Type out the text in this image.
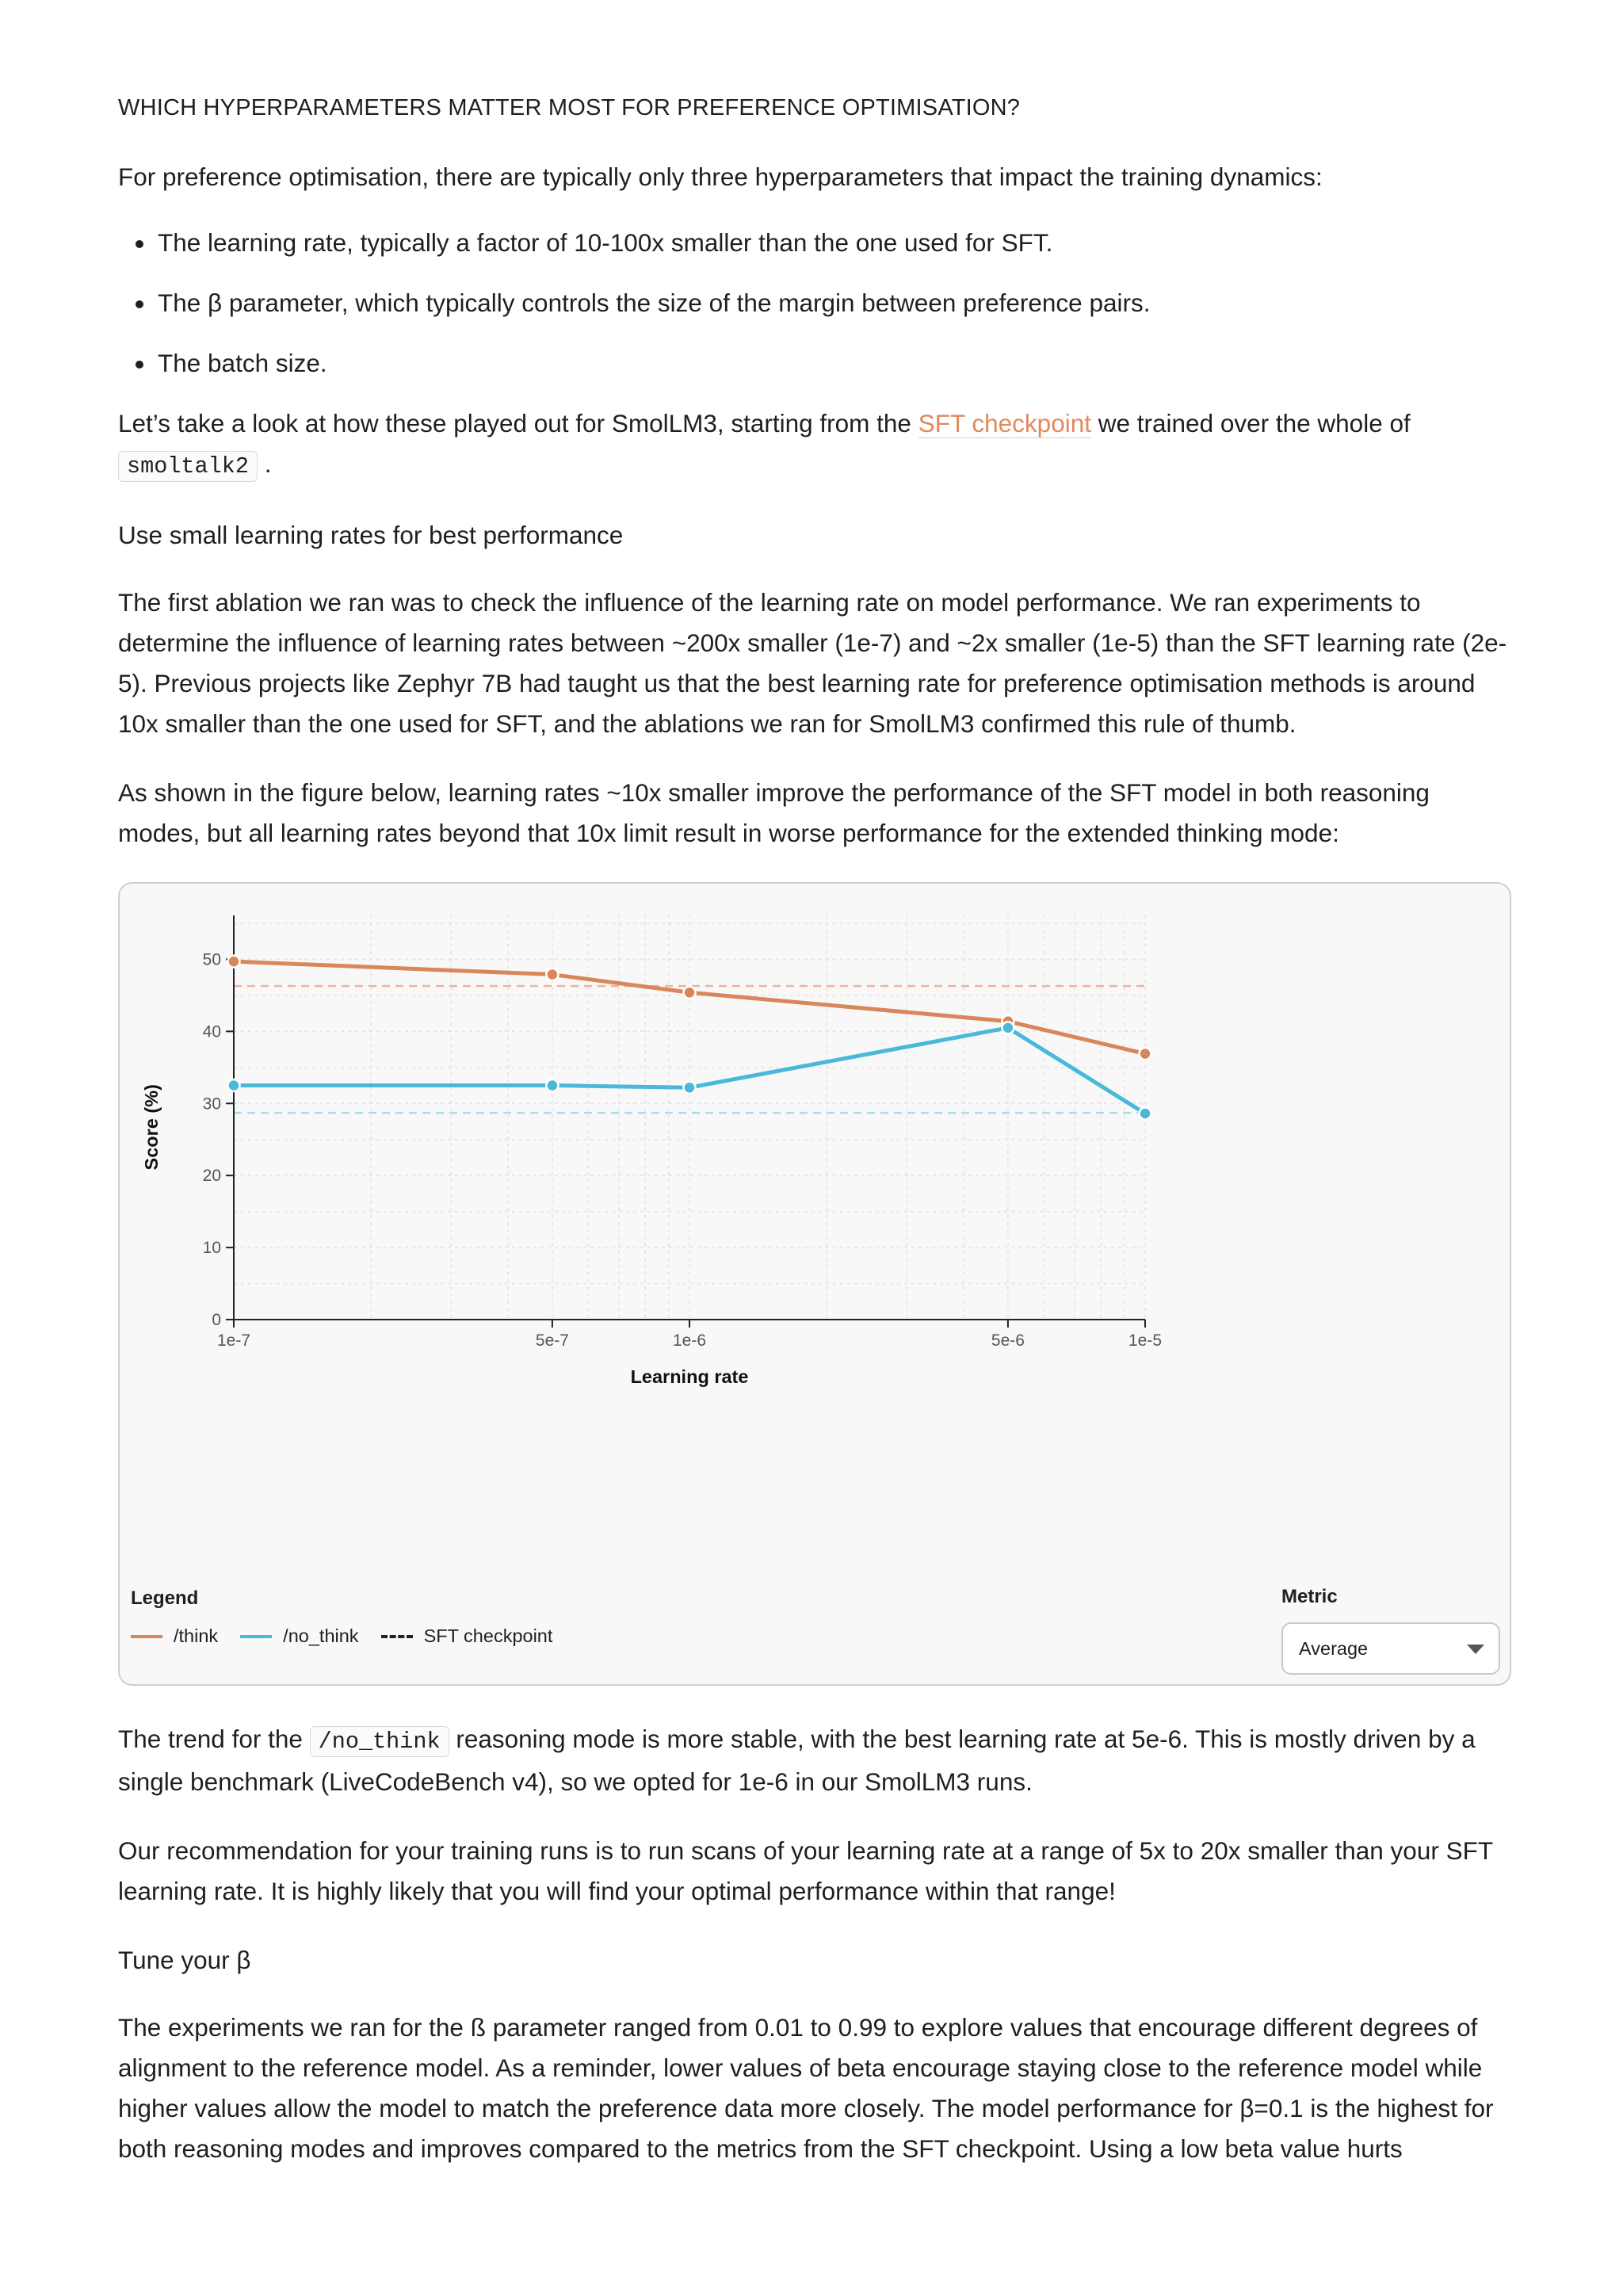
WHICH HYPERPARAMETERS MATTER MOST FOR PREFERENCE OPTIMISATION?

For preference optimisation, there are typically only three hyperparameters that impact the training dynamics:

• The learning rate, typically a factor of 10-100x smaller than the one used for SFT.
• The β parameter, which typically controls the size of the margin between preference pairs.
• The batch size.

Let’s take a look at how these played out for SmolLM3, starting from the SFT checkpoint we trained over the whole of
smoltalk2 .

Use small learning rates for best performance

The first ablation we ran was to check the influence of the learning rate on model performance. We ran experiments to determine the influence of learning rates between ~200x smaller (1e-7) and ~2x smaller (1e-5) than the SFT learning rate (2e-5). Previous projects like Zephyr 7B had taught us that the best learning rate for preference optimisation methods is around 10x smaller than the one used for SFT, and the ablations we ran for SmolLM3 confirmed this rule of thumb.

As shown in the figure below, learning rates ~10x smaller improve the performance of the SFT model in both reasoning modes, but all learning rates beyond that 10x limit result in worse performance for the extended thinking mode:

0
10
20
30
40
50
1e-7	5e-7	1e-6	5e-6	1e-5
Learning rate
Score (%)
Legend
/think	/no_think	SFT checkpoint
Metric
Average

The trend for the /no_think reasoning mode is more stable, with the best learning rate at 5e-6. This is mostly driven by a single benchmark (LiveCodeBench v4), so we opted for 1e-6 in our SmolLM3 runs.

Our recommendation for your training runs is to run scans of your learning rate at a range of 5x to 20x smaller than your SFT learning rate. It is highly likely that you will find your optimal performance within that range!

Tune your β

The experiments we ran for the ß parameter ranged from 0.01 to 0.99 to explore values that encourage different degrees of alignment to the reference model. As a reminder, lower values of beta encourage staying close to the reference model while higher values allow the model to match the preference data more closely. The model performance for β=0.1 is the highest for both reasoning modes and improves compared to the metrics from the SFT checkpoint. Using a low beta value hurts
